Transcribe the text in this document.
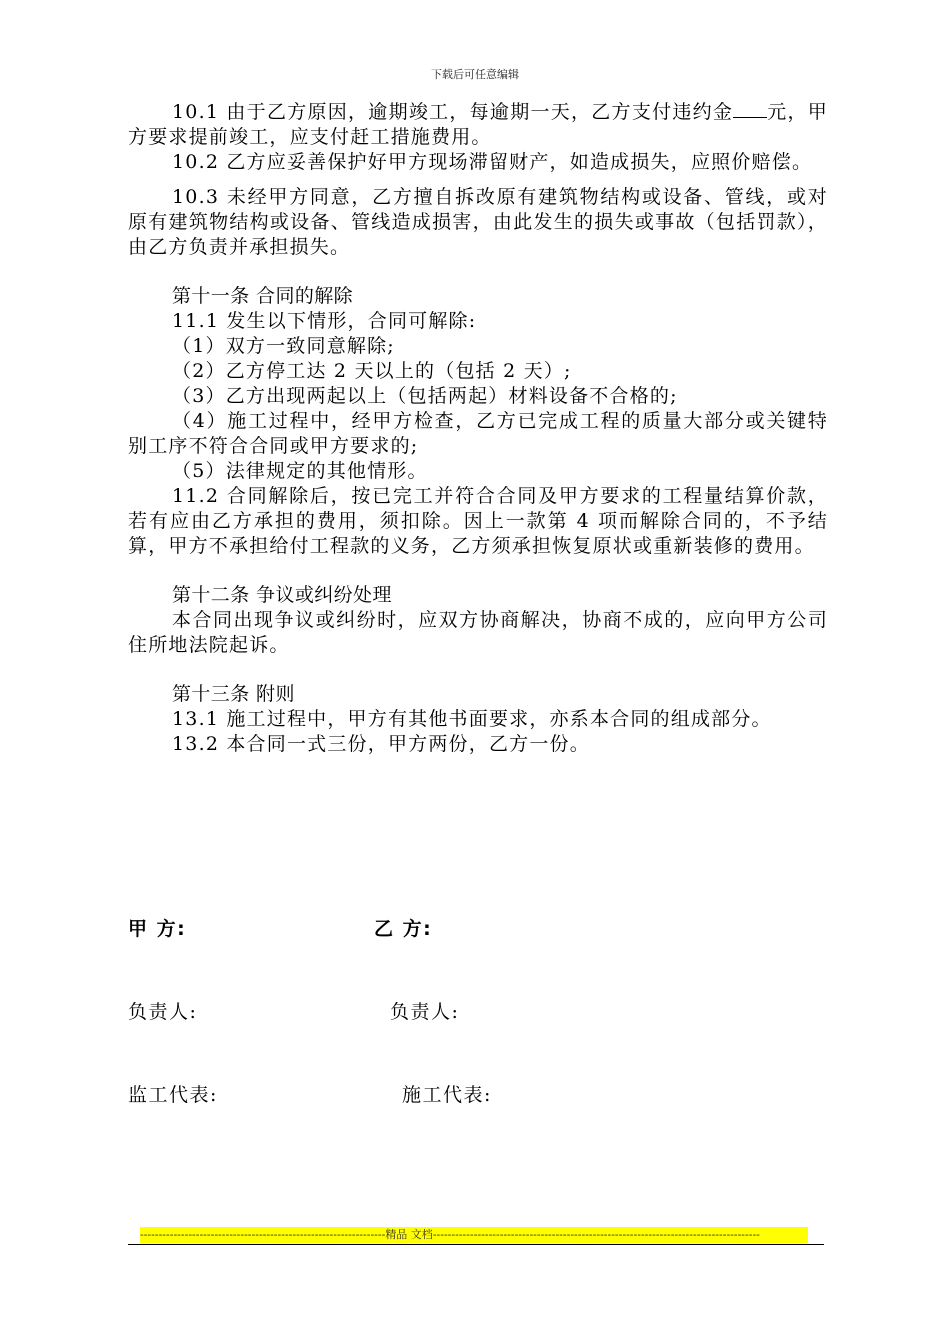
下载后可任意编辑

10.1 由于乙方原因，逾期竣工，每逾期一天，乙方支付违约金 元，甲方要求提前竣工，应支付赶工措施费用。

10.2 乙方应妥善保护好甲方现场滞留财产，如造成损失，应照价赔偿。

10.3 未经甲方同意，乙方擅自拆改原有建筑物结构或设备、管线，或对原有建筑物结构或设备、管线造成损害，由此发生的损失或事故（包括罚款），由乙方负责并承担损失。

第十一条 合同的解除

11.1 发生以下情形，合同可解除:

（1）双方一致同意解除;

（2）乙方停工达 2 天以上的（包括 2 天）;

（3）乙方出现两起以上（包括两起）材料设备不合格的;

（4）施工过程中，经甲方检查，乙方已完成工程的质量大部分或关键特别工序不符合合同或甲方要求的;

（5）法律规定的其他情形。

11.2 合同解除后，按已完工并符合合同及甲方要求的工程量结算价款，若有应由乙方承担的费用，须扣除。因上一款第 4 项而解除合同的，不予结算，甲方不承担给付工程款的义务，乙方须承担恢复原状或重新装修的费用。

第十二条 争议或纠纷处理

本合同出现争议或纠纷时，应双方协商解决，协商不成的，应向甲方公司住所地法院起诉。

第十三条 附则

13.1 施工过程中，甲方有其他书面要求，亦系本合同的组成部分。

13.2 本合同一式三份，甲方两份，乙方一份。

甲 方:	乙 方:
负责人:	负责人:
监工代表:	施工代表:
------------------------------------------------------------------精品 文档----------------------------------------------------------------------------------------
